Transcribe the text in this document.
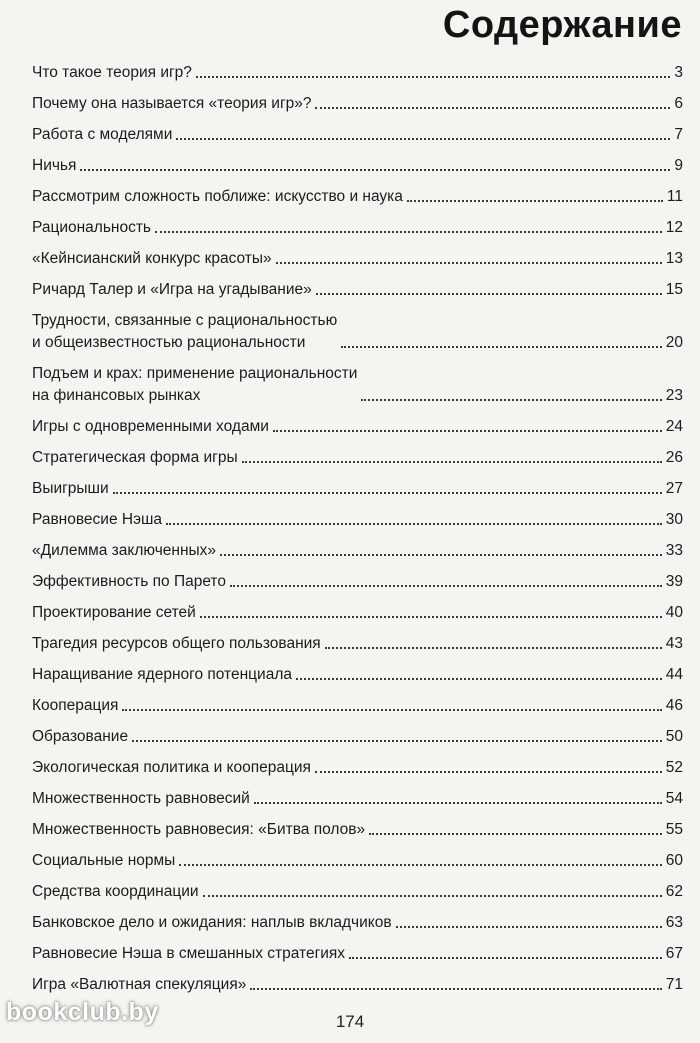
Содержание
Что такое теория игр?	3
Почему она называется «теория игр»?	6
Работа с моделями	7
Ничья	9
Рассмотрим сложность поближе: искусство и наука	11
Рациональность	12
«Кейнсианский конкурс красоты»	13
Ричард Талер и «Игра на угадывание»	15
Трудности, связанные с рациональностью
и общеизвестностью рациональности	20
Подъем и крах: применение рациональности
на финансовых рынках	23
Игры с одновременными ходами	24
Стратегическая форма игры	26
Выигрыши	27
Равновесие Нэша	30
«Дилемма заключенных»	33
Эффективность по Парето	39
Проектирование сетей	40
Трагедия ресурсов общего пользования	43
Наращивание ядерного потенциала	44
Кооперация	46
Образование	50
Экологическая политика и кооперация	52
Множественность равновесий	54
Множественность равновесия: «Битва полов»	55
Социальные нормы	60
Средства координации	62
Банковское дело и ожидания: наплыв вкладчиков	63
Равновесие Нэша в смешанных стратегиях	67
Игра «Валютная спекуляция»	71
174
bookclub.by
